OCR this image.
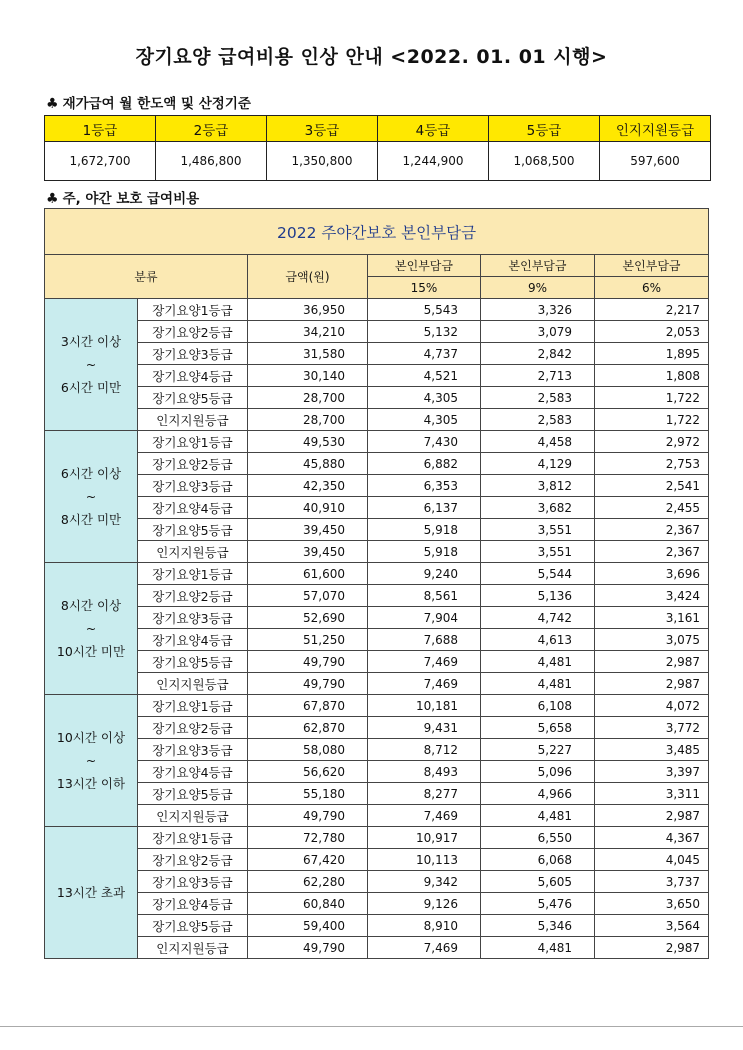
장기요양 급여비용 인상 안내 <2022. 01. 01 시행>
♣ 재가급여 월 한도액 및 산정기준
1등급	2등급	3등급	4등급	5등급	인지지원등급
1,672,700	1,486,800	1,350,800	1,244,900	1,068,500	597,600
♣ 주, 야간 보호 급여비용
2022 주야간보호 본인부담금					
분류		금액(원)	본인부담금	본인부담금	본인부담금
			15%	9%	6%
3시간 이상
~
6시간 미만	장기요양1등급	36,950	5,543	3,326	2,217
	장기요양2등급	34,210	5,132	3,079	2,053
	장기요양3등급	31,580	4,737	2,842	1,895
	장기요양4등급	30,140	4,521	2,713	1,808
	장기요양5등급	28,700	4,305	2,583	1,722
	인지지원등급	28,700	4,305	2,583	1,722
6시간 이상
~
8시간 미만	장기요양1등급	49,530	7,430	4,458	2,972
	장기요양2등급	45,880	6,882	4,129	2,753
	장기요양3등급	42,350	6,353	3,812	2,541
	장기요양4등급	40,910	6,137	3,682	2,455
	장기요양5등급	39,450	5,918	3,551	2,367
	인지지원등급	39,450	5,918	3,551	2,367
8시간 이상
~
10시간 미만	장기요양1등급	61,600	9,240	5,544	3,696
	장기요양2등급	57,070	8,561	5,136	3,424
	장기요양3등급	52,690	7,904	4,742	3,161
	장기요양4등급	51,250	7,688	4,613	3,075
	장기요양5등급	49,790	7,469	4,481	2,987
	인지지원등급	49,790	7,469	4,481	2,987
10시간 이상
~
13시간 이하	장기요양1등급	67,870	10,181	6,108	4,072
	장기요양2등급	62,870	9,431	5,658	3,772
	장기요양3등급	58,080	8,712	5,227	3,485
	장기요양4등급	56,620	8,493	5,096	3,397
	장기요양5등급	55,180	8,277	4,966	3,311
	인지지원등급	49,790	7,469	4,481	2,987
13시간 초과	장기요양1등급	72,780	10,917	6,550	4,367
	장기요양2등급	67,420	10,113	6,068	4,045
	장기요양3등급	62,280	9,342	5,605	3,737
	장기요양4등급	60,840	9,126	5,476	3,650
	장기요양5등급	59,400	8,910	5,346	3,564
	인지지원등급	49,790	7,469	4,481	2,987
